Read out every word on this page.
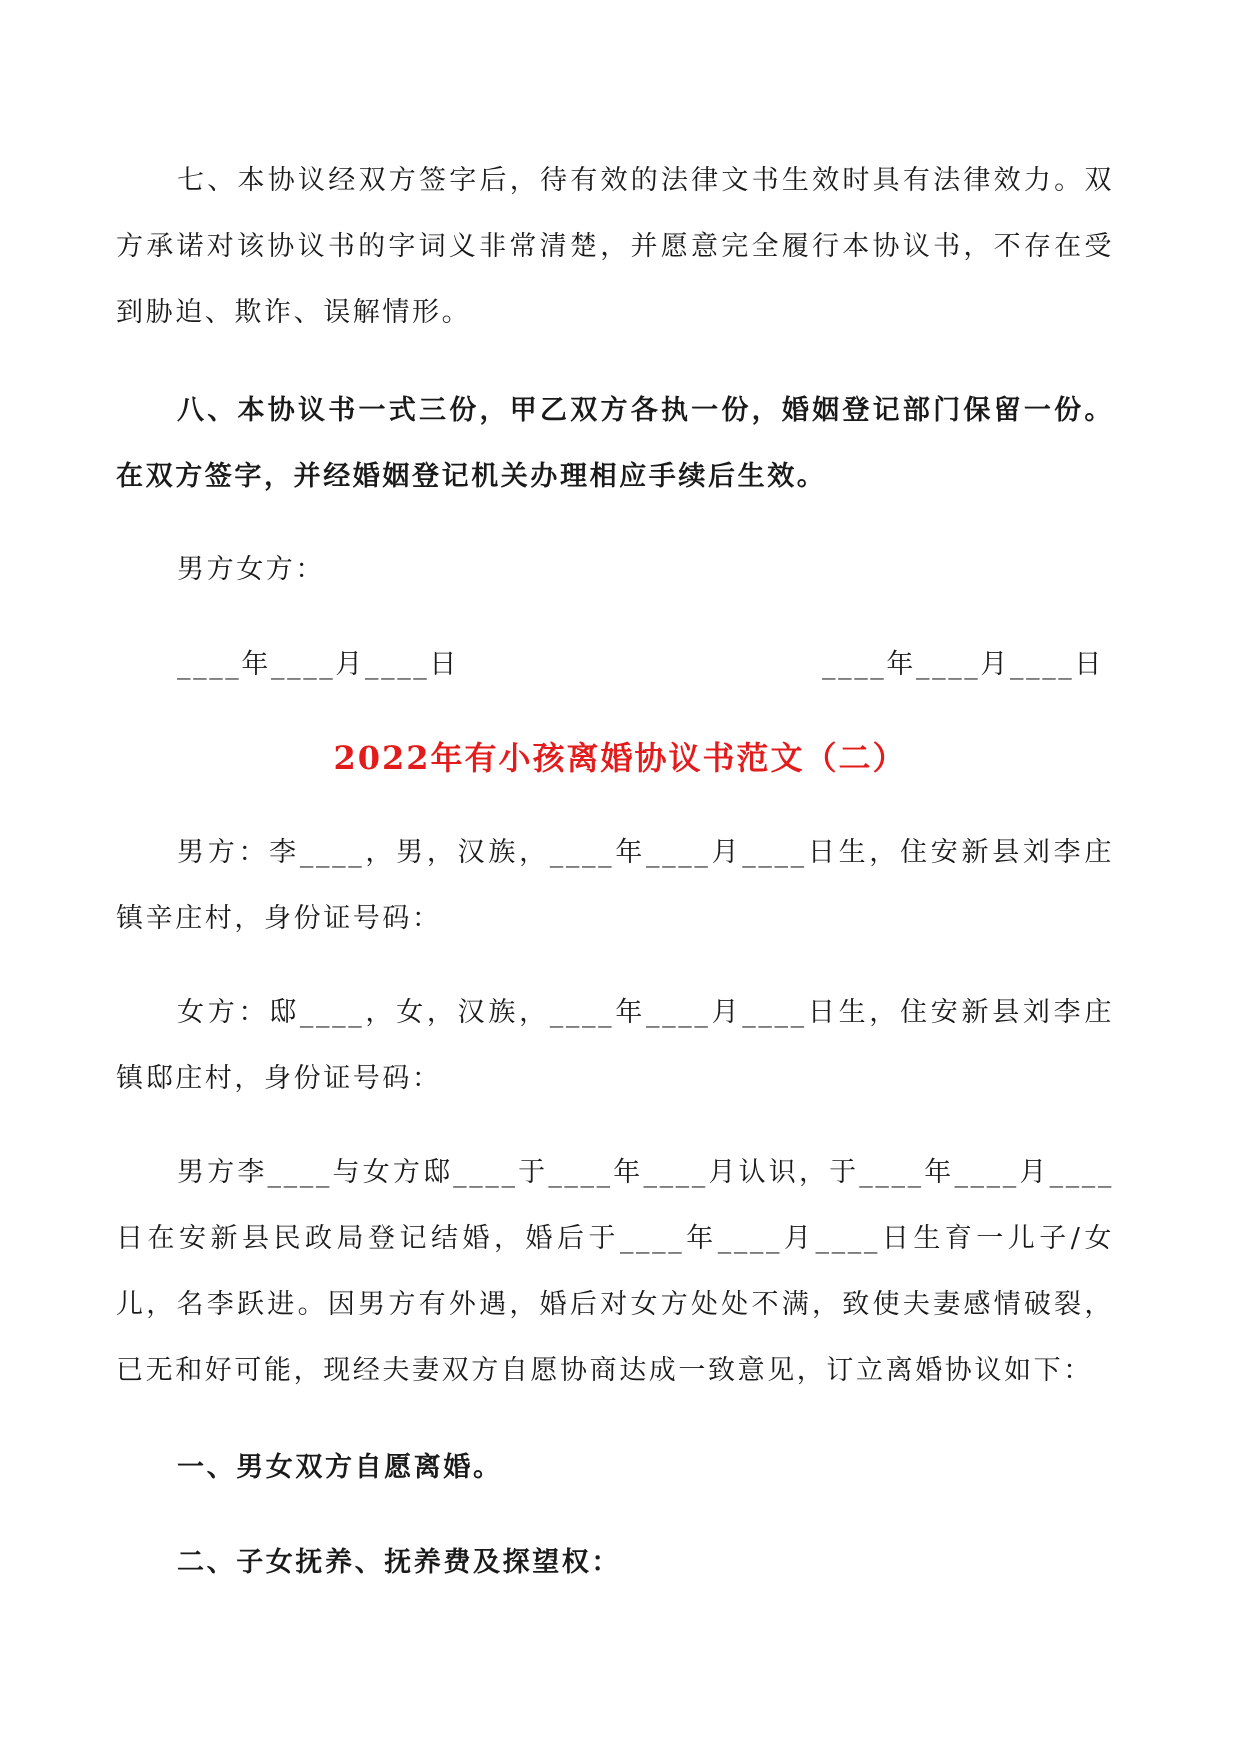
七、本协议经双方签字后，待有效的法律文书生效时具有法律效力。双方承诺对该协议书的字词义非常清楚，并愿意完全履行本协议书，不存在受到胁迫、欺诈、误解情形。

八、本协议书一式三份，甲乙双方各执一份，婚姻登记部门保留一份。在双方签字，并经婚姻登记机关办理相应手续后生效。

男方女方：

____年____月____日	____年____月____日

2022年有小孩离婚协议书范文（二）

男方：李____，男，汉族，____年____月____日生，住安新县刘李庄镇辛庄村，身份证号码：

女方：邸____，女，汉族，____年____月____日生，住安新县刘李庄镇邸庄村，身份证号码：

男方李____与女方邸____于____年____月认识，于____年____月____日在安新县民政局登记结婚，婚后于____年____月____日生育一儿子/女儿，名李跃进。因男方有外遇，婚后对女方处处不满，致使夫妻感情破裂，已无和好可能，现经夫妻双方自愿协商达成一致意见，订立离婚协议如下：

一、男女双方自愿离婚。

二、子女抚养、抚养费及探望权：
